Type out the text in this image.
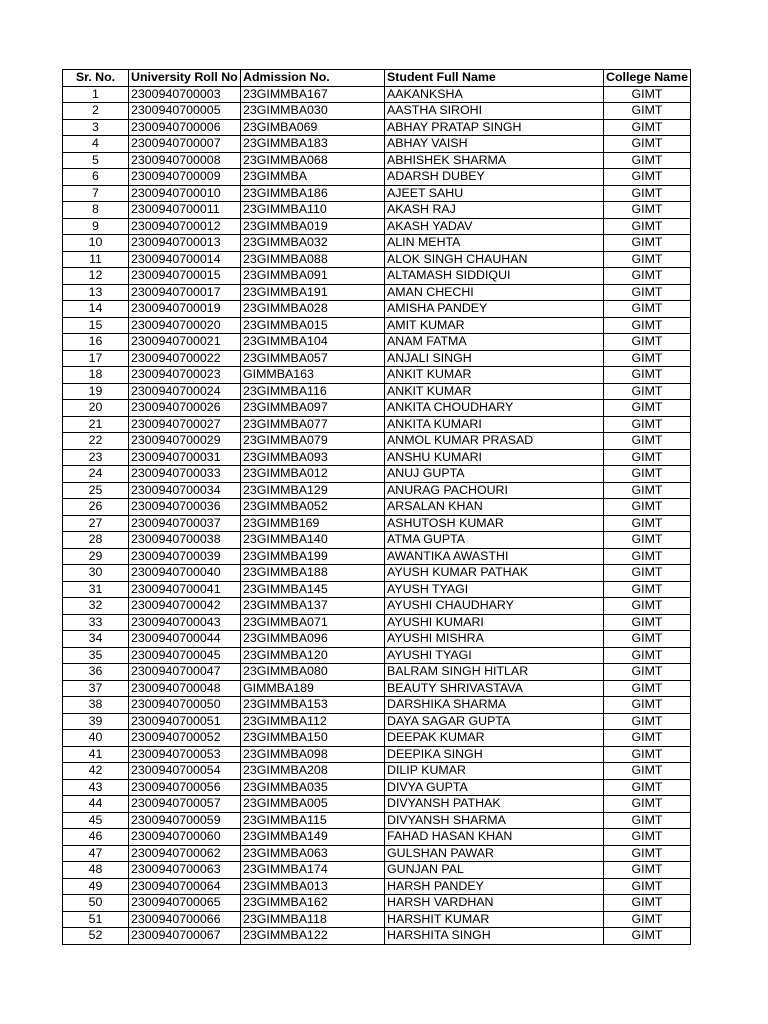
Sr. No.	University Roll No	Admission No.	Student Full Name	College Name
1	2300940700003	23GIMMBA167	AAKANKSHA	GIMT
2	2300940700005	23GIMMBA030	AASTHA SIROHI	GIMT
3	2300940700006	23GIMBA069	ABHAY PRATAP SINGH	GIMT
4	2300940700007	23GIMMBA183	ABHAY VAISH	GIMT
5	2300940700008	23GIMMBA068	ABHISHEK SHARMA	GIMT
6	2300940700009	23GIMMBA	ADARSH DUBEY	GIMT
7	2300940700010	23GIMMBA186	AJEET SAHU	GIMT
8	2300940700011	23GIMMBA110	AKASH RAJ	GIMT
9	2300940700012	23GIMMBA019	AKASH YADAV	GIMT
10	2300940700013	23GIMMBA032	ALIN MEHTA	GIMT
11	2300940700014	23GIMMBA088	ALOK SINGH CHAUHAN	GIMT
12	2300940700015	23GIMMBA091	ALTAMASH SIDDIQUI	GIMT
13	2300940700017	23GIMMBA191	AMAN CHECHI	GIMT
14	2300940700019	23GIMMBA028	AMISHA PANDEY	GIMT
15	2300940700020	23GIMMBA015	AMIT KUMAR	GIMT
16	2300940700021	23GIMMBA104	ANAM FATMA	GIMT
17	2300940700022	23GIMMBA057	ANJALI SINGH	GIMT
18	2300940700023	GIMMBA163	ANKIT KUMAR	GIMT
19	2300940700024	23GIMMBA116	ANKIT KUMAR	GIMT
20	2300940700026	23GIMMBA097	ANKITA CHOUDHARY	GIMT
21	2300940700027	23GIMMBA077	ANKITA KUMARI	GIMT
22	2300940700029	23GIMMBA079	ANMOL KUMAR PRASAD	GIMT
23	2300940700031	23GIMMBA093	ANSHU KUMARI	GIMT
24	2300940700033	23GIMMBA012	ANUJ GUPTA	GIMT
25	2300940700034	23GIMMBA129	ANURAG PACHOURI	GIMT
26	2300940700036	23GIMMBA052	ARSALAN KHAN	GIMT
27	2300940700037	23GIMMB169	ASHUTOSH KUMAR	GIMT
28	2300940700038	23GIMMBA140	ATMA GUPTA	GIMT
29	2300940700039	23GIMMBA199	AWANTIKA AWASTHI	GIMT
30	2300940700040	23GIMMBA188	AYUSH KUMAR PATHAK	GIMT
31	2300940700041	23GIMMBA145	AYUSH TYAGI	GIMT
32	2300940700042	23GIMMBA137	AYUSHI CHAUDHARY	GIMT
33	2300940700043	23GIMMBA071	AYUSHI KUMARI	GIMT
34	2300940700044	23GIMMBA096	AYUSHI MISHRA	GIMT
35	2300940700045	23GIMMBA120	AYUSHI TYAGI	GIMT
36	2300940700047	23GIMMBA080	BALRAM SINGH HITLAR	GIMT
37	2300940700048	GIMMBA189	BEAUTY SHRIVASTAVA	GIMT
38	2300940700050	23GIMMBA153	DARSHIKA SHARMA	GIMT
39	2300940700051	23GIMMBA112	DAYA SAGAR GUPTA	GIMT
40	2300940700052	23GIMMBA150	DEEPAK KUMAR	GIMT
41	2300940700053	23GIMMBA098	DEEPIKA SINGH	GIMT
42	2300940700054	23GIMMBA208	DILIP KUMAR	GIMT
43	2300940700056	23GIMMBA035	DIVYA GUPTA	GIMT
44	2300940700057	23GIMMBA005	DIVYANSH PATHAK	GIMT
45	2300940700059	23GIMMBA115	DIVYANSH SHARMA	GIMT
46	2300940700060	23GIMMBA149	FAHAD HASAN KHAN	GIMT
47	2300940700062	23GIMMBA063	GULSHAN PAWAR	GIMT
48	2300940700063	23GIMMBA174	GUNJAN PAL	GIMT
49	2300940700064	23GIMMBA013	HARSH PANDEY	GIMT
50	2300940700065	23GIMMBA162	HARSH VARDHAN	GIMT
51	2300940700066	23GIMMBA118	HARSHIT KUMAR	GIMT
52	2300940700067	23GIMMBA122	HARSHITA SINGH	GIMT
